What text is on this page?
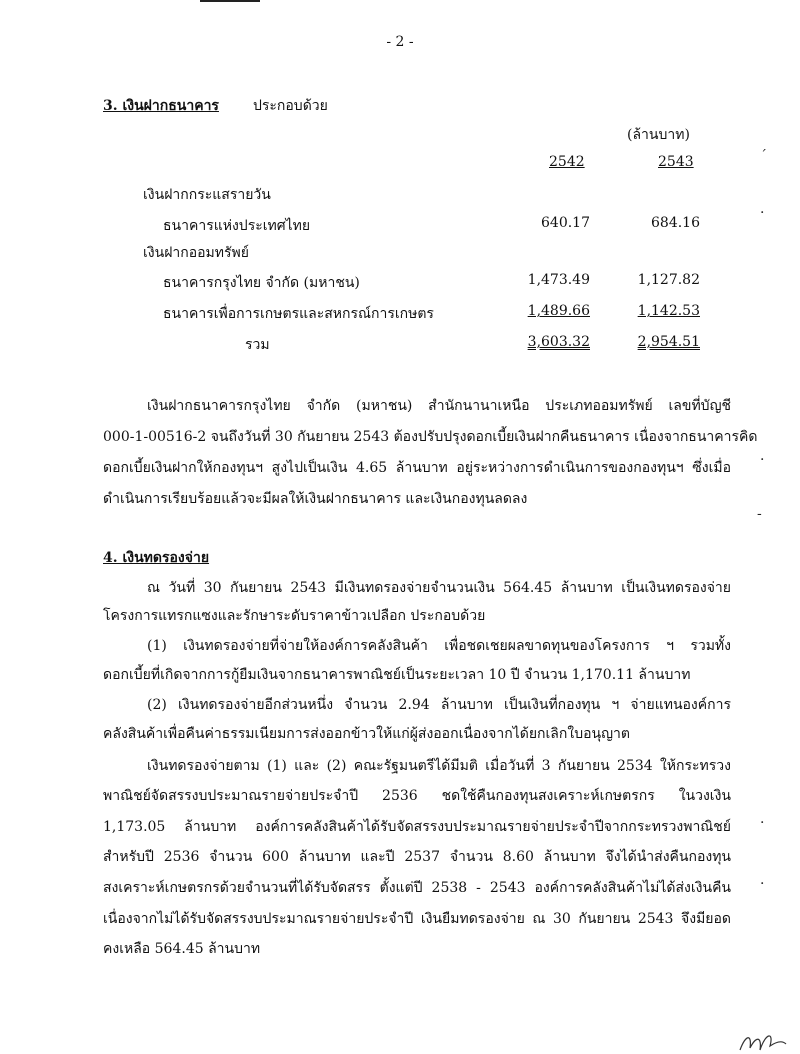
- 2 -
3. เงินฝากธนาคาร ประกอบด้วย
(ล้านบาท)
2542	2543
เงินฝากกระแสรายวัน
ธนาคารแห่งประเทศไทย	640.17	684.16
เงินฝากออมทรัพย์
ธนาคารกรุงไทย จำกัด (มหาชน)	1,473.49	1,127.82
ธนาคารเพื่อการเกษตรและสหกรณ์การเกษตร	1,489.66	1,142.53
รวม	3,603.32	2,954.51
เงินฝากธนาคารกรุงไทย จำกัด (มหาชน) สำนักนานาเหนือ ประเภทออมทรัพย์ เลขที่บัญชี
000-1-00516-2 จนถึงวันที่ 30 กันยายน 2543 ต้องปรับปรุงดอกเบี้ยเงินฝากคืนธนาคาร เนื่องจากธนาคารคิด
ดอกเบี้ยเงินฝากให้กองทุนฯ สูงไปเป็นเงิน 4.65 ล้านบาท อยู่ระหว่างการดำเนินการของกองทุนฯ ซึ่งเมื่อ
ดำเนินการเรียบร้อยแล้วจะมีผลให้เงินฝากธนาคาร และเงินกองทุนลดลง
4. เงินทดรองจ่าย
ณ วันที่ 30 กันยายน 2543 มีเงินทดรองจ่ายจำนวนเงิน 564.45 ล้านบาท เป็นเงินทดรองจ่าย
โครงการแทรกแซงและรักษาระดับราคาข้าวเปลือก ประกอบด้วย
(1) เงินทดรองจ่ายที่จ่ายให้องค์การคลังสินค้า เพื่อชดเชยผลขาดทุนของโครงการ ฯ รวมทั้ง
ดอกเบี้ยที่เกิดจากการกู้ยืมเงินจากธนาคารพาณิชย์เป็นระยะเวลา 10 ปี จำนวน 1,170.11 ล้านบาท
(2) เงินทดรองจ่ายอีกส่วนหนึ่ง จำนวน 2.94 ล้านบาท เป็นเงินที่กองทุน ฯ จ่ายแทนองค์การ
คลังสินค้าเพื่อคืนค่าธรรมเนียมการส่งออกข้าวให้แก่ผู้ส่งออกเนื่องจากได้ยกเลิกใบอนุญาต
เงินทดรองจ่ายตาม (1) และ (2) คณะรัฐมนตรีได้มีมติ เมื่อวันที่ 3 กันยายน 2534 ให้กระทรวง
พาณิชย์จัดสรรงบประมาณรายจ่ายประจำปี 2536 ชดใช้คืนกองทุนสงเคราะห์เกษตรกร ในวงเงิน
1,173.05 ล้านบาท องค์การคลังสินค้าได้รับจัดสรรงบประมาณรายจ่ายประจำปีจากกระทรวงพาณิชย์
สำหรับปี 2536 จำนวน 600 ล้านบาท และปี 2537 จำนวน 8.60 ล้านบาท จึงได้นำส่งคืนกองทุน
สงเคราะห์เกษตรกรด้วยจำนวนที่ได้รับจัดสรร ตั้งแต่ปี 2538 - 2543 องค์การคลังสินค้าไม่ได้ส่งเงินคืน
เนื่องจากไม่ได้รับจัดสรรงบประมาณรายจ่ายประจำปี เงินยืมทดรองจ่าย ณ 30 กันยายน 2543 จึงมียอด
คงเหลือ 564.45 ล้านบาท
´
·
·
-
·
·
